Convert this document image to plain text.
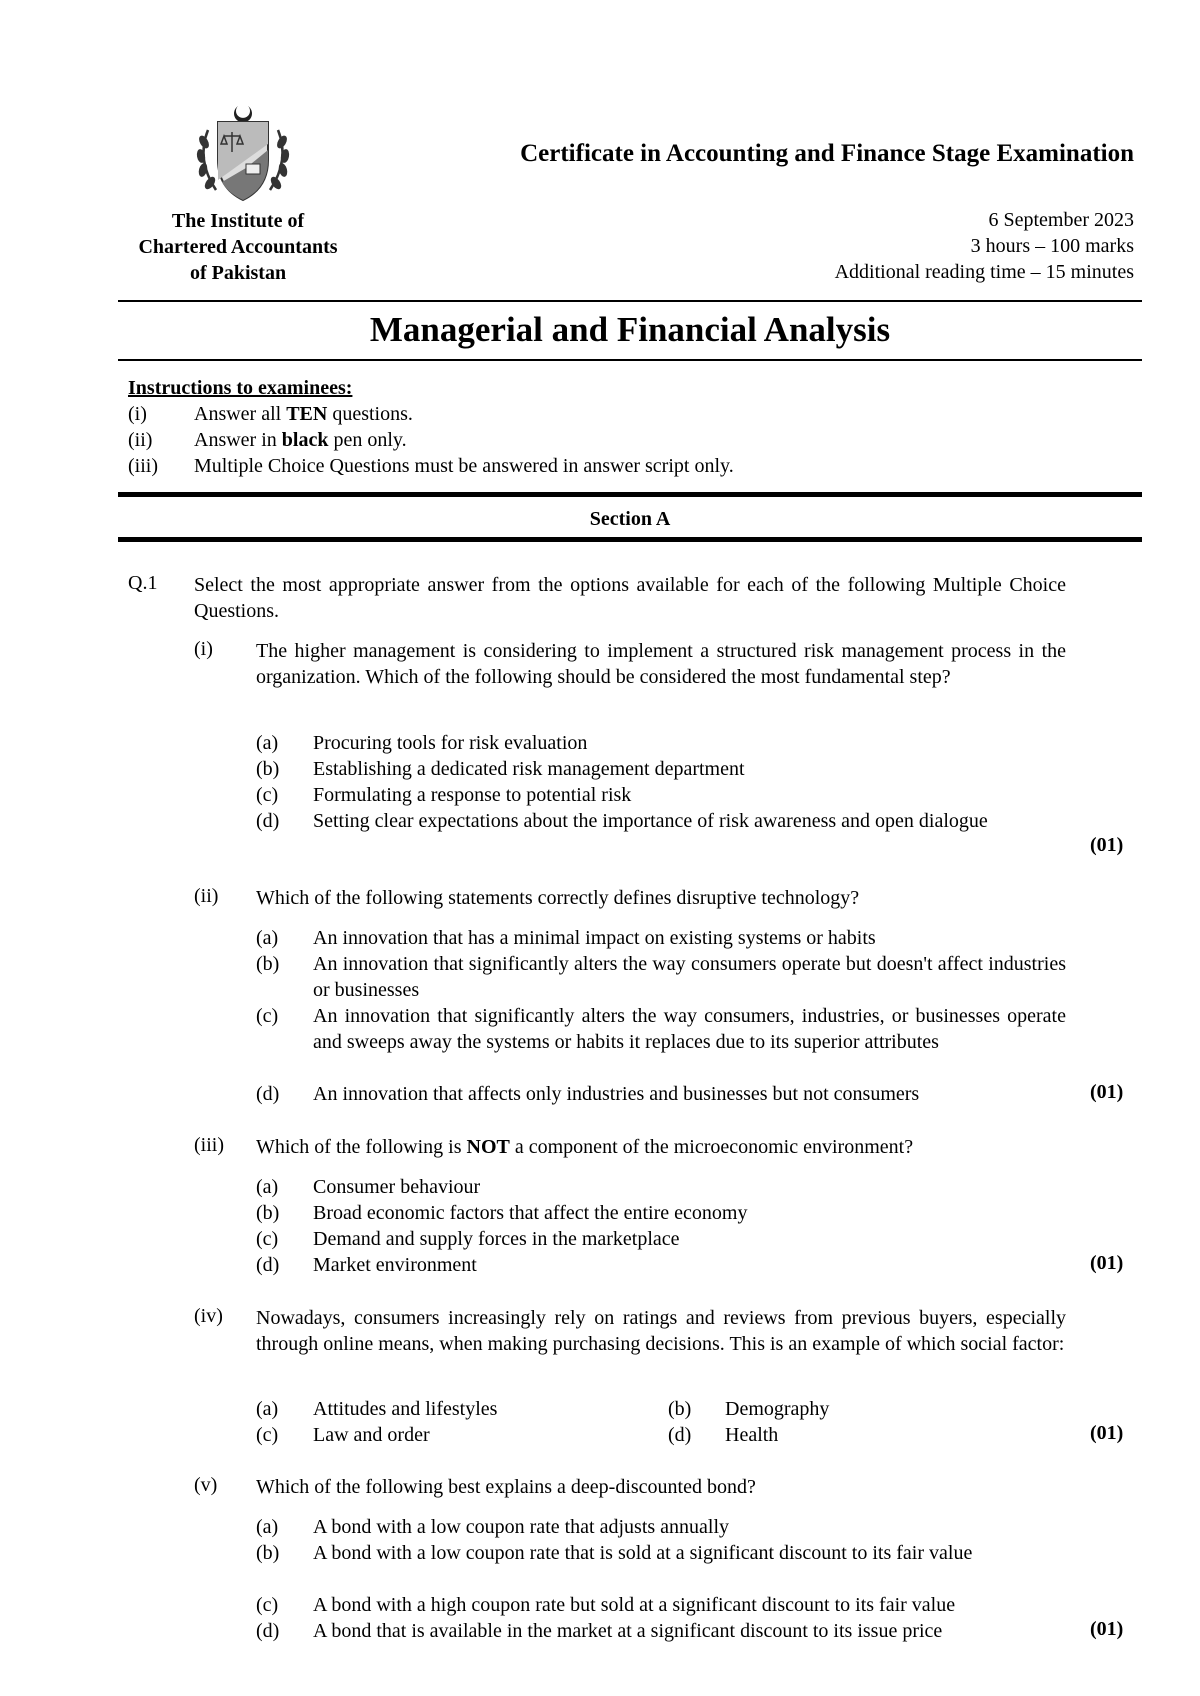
The Institute of
Chartered Accountants
of Pakistan
Certificate in Accounting and Finance Stage Examination
6 September 2023
3 hours – 100 marks
Additional reading time – 15 minutes
Managerial and Financial Analysis
Instructions to examinees:
(i) Answer all TEN questions.
(ii) Answer in black pen only.
(iii) Multiple Choice Questions must be answered in answer script only.
Section A
Q.1 Select the most appropriate answer from the options available for each of the following Multiple Choice Questions.
(i) The higher management is considering to implement a structured risk management process in the organization. Which of the following should be considered the most fundamental step?
(a) Procuring tools for risk evaluation
(b) Establishing a dedicated risk management department
(c) Formulating a response to potential risk
(d) Setting clear expectations about the importance of risk awareness and open dialogue
(01)
(ii) Which of the following statements correctly defines disruptive technology?
(a) An innovation that has a minimal impact on existing systems or habits
(b) An innovation that significantly alters the way consumers operate but doesn't affect industries or businesses
(c) An innovation that significantly alters the way consumers, industries, or businesses operate and sweeps away the systems or habits it replaces due to its superior attributes
(d) An innovation that affects only industries and businesses but not consumers	(01)
(iii) Which of the following is NOT a component of the microeconomic environment?
(a) Consumer behaviour
(b) Broad economic factors that affect the entire economy
(c) Demand and supply forces in the marketplace
(d) Market environment	(01)
(iv) Nowadays, consumers increasingly rely on ratings and reviews from previous buyers, especially through online means, when making purchasing decisions. This is an example of which social factor:
(a) Attitudes and lifestyles	(b) Demography
(c) Law and order	(d) Health	(01)
(v) Which of the following best explains a deep-discounted bond?
(a) A bond with a low coupon rate that adjusts annually
(b) A bond with a low coupon rate that is sold at a significant discount to its fair value
(c) A bond with a high coupon rate but sold at a significant discount to its fair value
(d) A bond that is available in the market at a significant discount to its issue price	(01)
